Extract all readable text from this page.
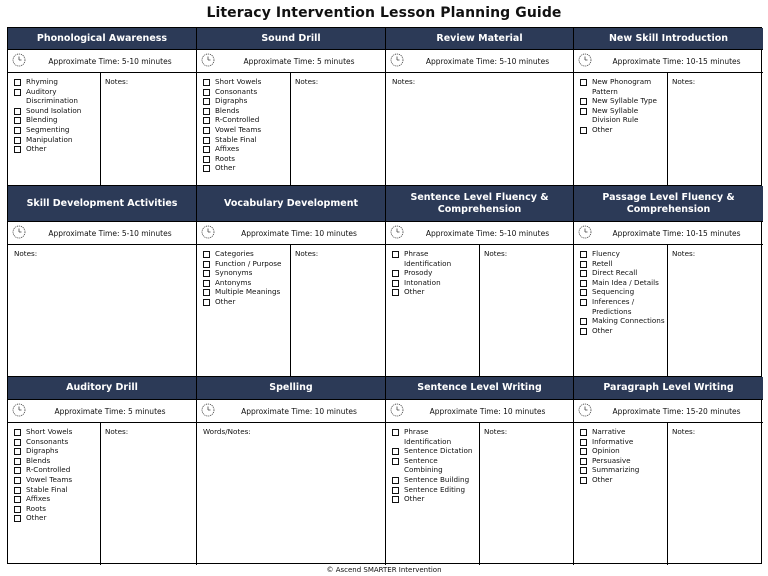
Literacy Intervention Lesson Planning Guide
Phonological Awareness
Approximate Time: 5-10 minutes
Rhyming
Auditory Discrimination
Sound Isolation
Blending
Segmenting
Manipulation
Other
Notes:
Sound Drill
Approximate Time: 5 minutes
Short Vowels
Consonants
Digraphs
Blends
R-Controlled
Vowel Teams
Stable Final
Affixes
Roots
Other
Notes:
Review Material
Approximate Time: 5-10 minutes
Notes:
New Skill Introduction
Approximate Time: 10-15 minutes
New Phonogram Pattern
New Syllable Type
New Syllable Division Rule
Other
Notes:
Skill Development Activities
Approximate Time: 5-10 minutes
Notes:
Vocabulary Development
Approximate Time: 10 minutes
Categories
Function / Purpose
Synonyms
Antonyms
Multiple Meanings
Other
Notes:
Sentence Level Fluency & Comprehension
Approximate Time: 5-10 minutes
Phrase Identification
Prosody
Intonation
Other
Notes:
Passage Level Fluency & Comprehension
Approximate Time: 10-15 minutes
Fluency
Retell
Direct Recall
Main Idea / Details
Sequencing
Inferences / Predictions
Making Connections
Other
Notes:
Auditory Drill
Approximate Time: 5 minutes
Short Vowels
Consonants
Digraphs
Blends
R-Controlled
Vowel Teams
Stable Final
Affixes
Roots
Other
Notes:
Spelling
Approximate Time: 10 minutes
Words/Notes:
Sentence Level Writing
Approximate Time: 10 minutes
Phrase Identification
Sentence Dictation
Sentence Combining
Sentence Building
Sentence Editing
Other
Notes:
Paragraph Level Writing
Approximate Time: 15-20 minutes
Narrative
Informative
Opinion
Persuasive
Summarizing
Other
Notes:
© Ascend SMARTER Intervention
